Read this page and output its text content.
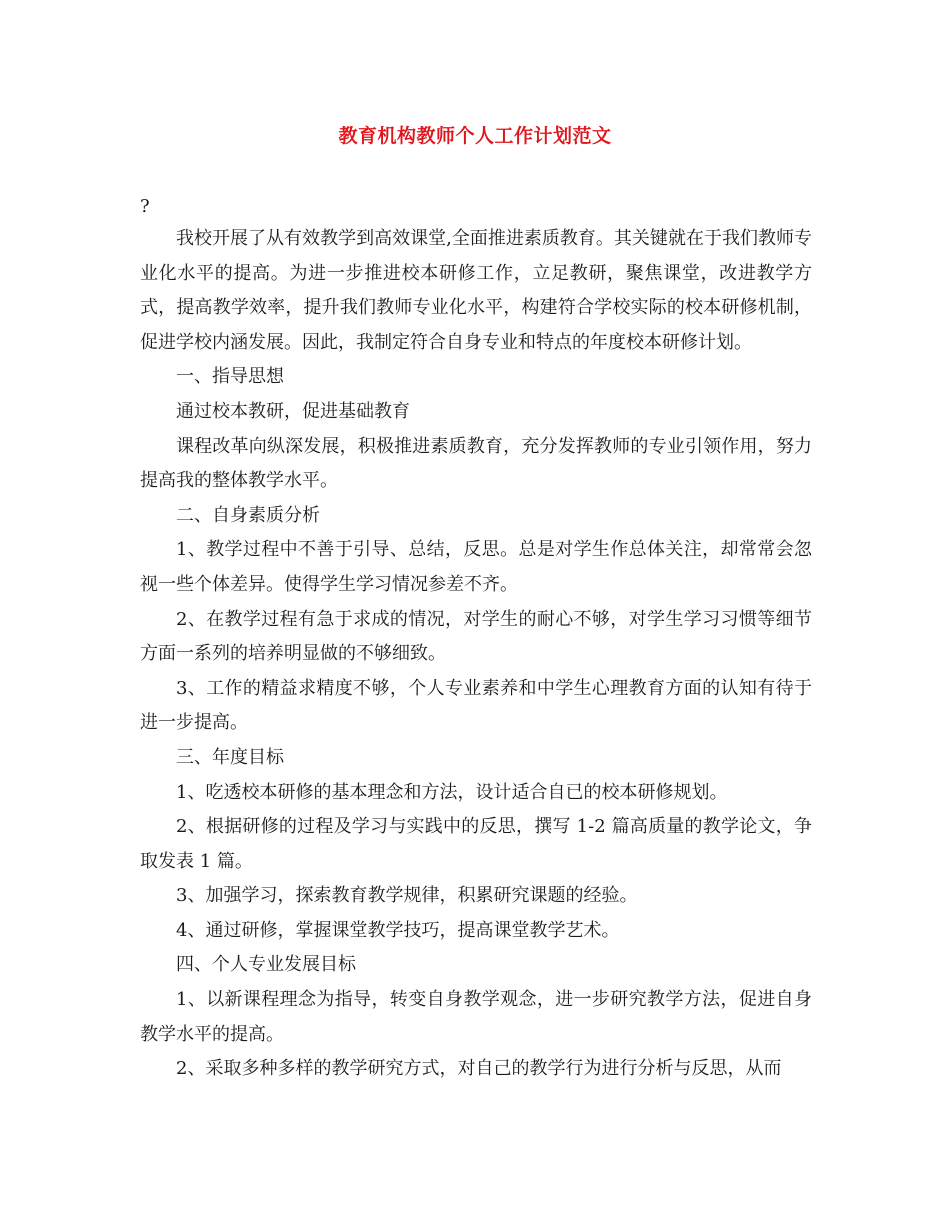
教育机构教师个人工作计划范文
?

我校开展了从有效教学到高效课堂,全面推进素质教育。其关键就在于我们教师专业化水平的提高。为进一步推进校本研修工作，立足教研，聚焦课堂，改进教学方式，提高教学效率，提升我们教师专业化水平，构建符合学校实际的校本研修机制，促进学校内涵发展。因此，我制定符合自身专业和特点的年度校本研修计划。

一、指导思想

通过校本教研，促进基础教育

课程改革向纵深发展，积极推进素质教育，充分发挥教师的专业引领作用，努力提高我的整体教学水平。

二、自身素质分析

1、教学过程中不善于引导、总结，反思。总是对学生作总体关注，却常常会忽视一些个体差异。使得学生学习情况参差不齐。

2、在教学过程有急于求成的情况，对学生的耐心不够，对学生学习习惯等细节方面一系列的培养明显做的不够细致。

3、工作的精益求精度不够，个人专业素养和中学生心理教育方面的认知有待于进一步提高。

三、年度目标

1、吃透校本研修的基本理念和方法，设计适合自已的校本研修规划。

2、根据研修的过程及学习与实践中的反思，撰写 1-2 篇高质量的教学论文，争取发表 1 篇。

3、加强学习，探索教育教学规律，积累研究课题的经验。

4、通过研修，掌握课堂教学技巧，提高课堂教学艺术。

四、个人专业发展目标

1、以新课程理念为指导，转变自身教学观念，进一步研究教学方法，促进自身教学水平的提高。

2、采取多种多样的教学研究方式，对自己的教学行为进行分析与反思，从而
